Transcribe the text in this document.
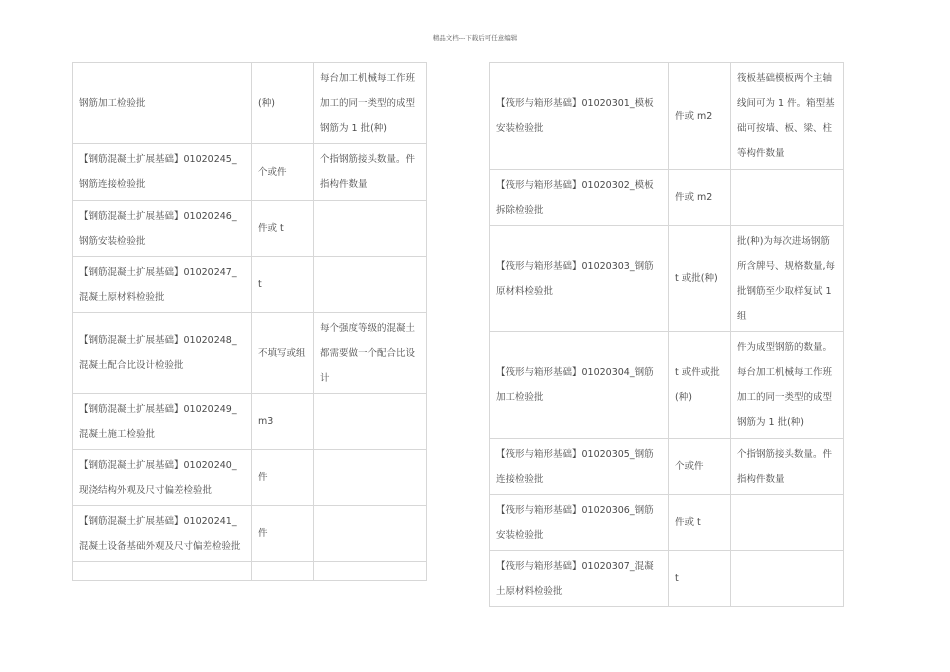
精品文档---下载后可任意编辑
钢筋加工检验批	(种)	每台加工机械每工作班加工的同一类型的成型钢筋为 1 批(种)
【钢筋混凝土扩展基础】01020245_钢筋连接检验批	个或件	个指钢筋接头数量。件指构件数量
【钢筋混凝土扩展基础】01020246_钢筋安装检验批	件或 t	
【钢筋混凝土扩展基础】01020247_混凝土原材料检验批	t	
【钢筋混凝土扩展基础】01020248_混凝土配合比设计检验批	不填写或组	每个强度等级的混凝土都需要做一个配合比设计
【钢筋混凝土扩展基础】01020249_混凝土施工检验批	m3	
【钢筋混凝土扩展基础】01020240_现浇结构外观及尺寸偏差检验批	件	
【钢筋混凝土扩展基础】01020241_混凝土设备基础外观及尺寸偏差检验批	件	

【筏形与箱形基础】01020301_模板安装检验批	件或 m2	筏板基础模板两个主轴线间可为 1 件。箱型基础可按墙、板、梁、柱等构件数量
【筏形与箱形基础】01020302_模板拆除检验批	件或 m2	
【筏形与箱形基础】01020303_钢筋原材料检验批	t 或批(种)	批(种)为每次进场钢筋所含牌号、规格数量,每批钢筋至少取样复试 1 组
【筏形与箱形基础】01020304_钢筋加工检验批	t 或件或批(种)	件为成型钢筋的数量。每台加工机械每工作班加工的同一类型的成型钢筋为 1 批(种)
【筏形与箱形基础】01020305_钢筋连接检验批	个或件	个指钢筋接头数量。件指构件数量
【筏形与箱形基础】01020306_钢筋安装检验批	件或 t	
【筏形与箱形基础】01020307_混凝土原材料检验批	t	
